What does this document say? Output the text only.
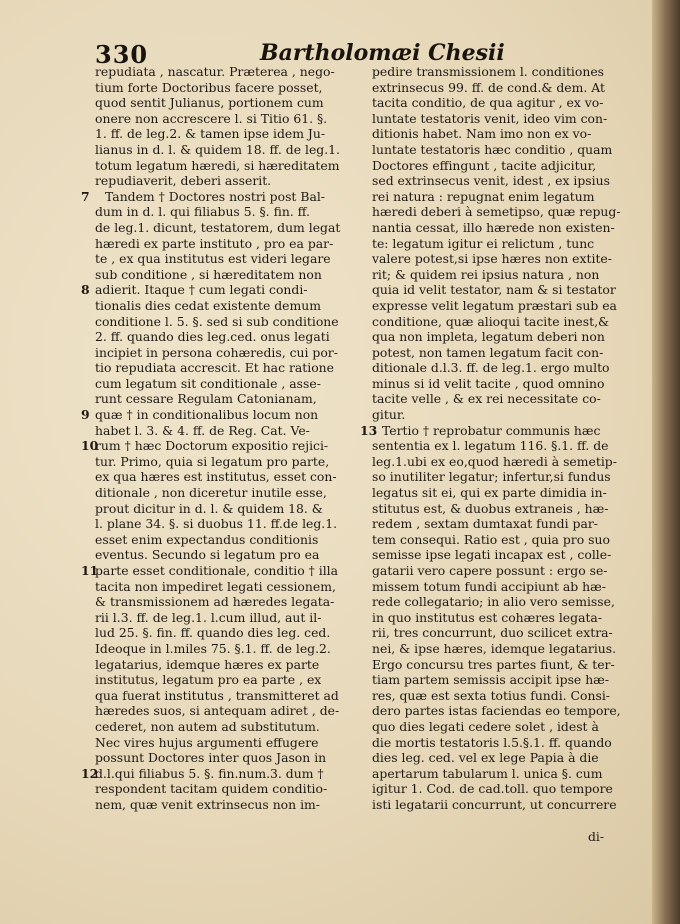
330	Bartholomæi Chesii
repudiata , nascatur. Præterea , nego-
tium forte Doctoribus facere posset,
quod sentit Julianus, portionem cum
onere non accrescere l. si Titio 61. §.
1. ff. de leg.2. & tamen ipse idem Ju-
lianus in d. l. & quidem 18. ff. de leg.1.
totum legatum hæredi, si hæreditatem
repudiaverit, deberi asserit.
7	Tandem † Doctores nostri post Bal-
dum in d. l. qui filiabus 5. §. fin. ff.
de leg.1. dicunt, testatorem, dum legat
hæredi ex parte instituto , pro ea par-
te , ex qua institutus est videri legare
sub conditione , si hæreditatem non
8 adierit. Itaque † cum legati condi-
tionalis dies cedat existente demum
conditione l. 5. §. sed si sub conditione
2. ff. quando dies leg.ced. onus legati
incipiet in persona cohæredis, cui por-
tio repudiata accrescit. Et hac ratione
cum legatum sit conditionale , asse-
runt cessare Regulam Catonianam,
9 quæ † in conditionalibus locum non
habet l. 3. & 4. ff. de Reg. Cat. Ve-
10
rum † hæc Doctorum expositio rejici-
tur. Primo, quia si legatum pro parte,
ex qua hæres est institutus, esset con-
ditionale , non diceretur inutile esse,
prout dicitur in d. l. & quidem 18. &
l. plane 34. §. si duobus 11. ff.de leg.1.
esset enim expectandus conditionis
eventus. Secundo si legatum pro ea
11
parte esset conditionale, conditio † illa
tacita non impediret legati cessionem,
& transmissionem ad hæredes legata-
rii l.3. ff. de leg.1. l.cum illud, aut il-
lud 25. §. fin. ff. quando dies leg. ced.
Ideoque in l.miles 75. §.1. ff. de leg.2.
legatarius, idemque hæres ex parte
institutus, legatum pro ea parte , ex
qua fuerat institutus , transmitteret ad
hæredes suos, si antequam adiret , de-
cederet, non autem ad substitutum.
Nec vires hujus argumenti effugere
possunt Doctores inter quos Jason in
12
d.l.qui filiabus 5. §. fin.num.3. dum †
respondent tacitam quidem conditio-
nem, quæ venit extrinsecus non im-
pedire transmissionem l. conditiones
extrinsecus 99. ff. de cond.& dem. At
tacita conditio, de qua agitur , ex vo-
luntate testatoris venit, ideo vim con-
ditionis habet. Nam imo non ex vo-
luntate testatoris hæc conditio , quam
Doctores effingunt , tacite adjicitur,
sed extrinsecus venit, idest , ex ipsius
rei natura : repugnat enim legatum
hæredi deberi à semetipso, quæ repug-
nantia cessat, illo hærede non existen-
te: legatum igitur ei relictum , tunc
valere potest,si ipse hæres non extite-
rit; & quidem rei ipsius natura , non
quia id velit testator, nam & si testator
expresse velit legatum præstari sub ea
conditione, quæ alioqui tacite inest,&
qua non impleta, legatum deberi non
potest, non tamen legatum facit con-
ditionale d.l.3. ff. de leg.1. ergo multo
minus si id velit tacite , quod omnino
tacite velle , & ex rei necessitate co-
gitur.
13 Tertio † reprobatur communis hæc
sententia ex l. legatum 116. §.1. ff. de
leg.1.ubi ex eo,quod hæredi à semetip-
so inutiliter legatur; infertur,si fundus
legatus sit ei, qui ex parte dimidia in-
stitutus est, & duobus extraneis , hæ-
redem , sextam dumtaxat fundi par-
tem consequi. Ratio est , quia pro suo
semisse ipse legati incapax est , colle-
gatarii vero capere possunt : ergo se-
missem totum fundi accipiunt ab hæ-
rede collegatario; in alio vero semisse,
in quo institutus est cohæres legata-
rii, tres concurrunt, duo scilicet extra-
nei, & ipse hæres, idemque legatarius.
Ergo concursu tres partes fiunt, & ter-
tiam partem semissis accipit ipse hæ-
res, quæ est sexta totius fundi. Consi-
dero partes istas faciendas eo tempore,
quo dies legati cedere solet , idest à
die mortis testatoris l.5.§.1. ff. quando
dies leg. ced. vel ex lege Papia à die
apertarum tabularum l. unica §. cum
igitur 1. Cod. de cad.toll. quo tempore
isti legatarii concurrunt, ut concurrere
di-
